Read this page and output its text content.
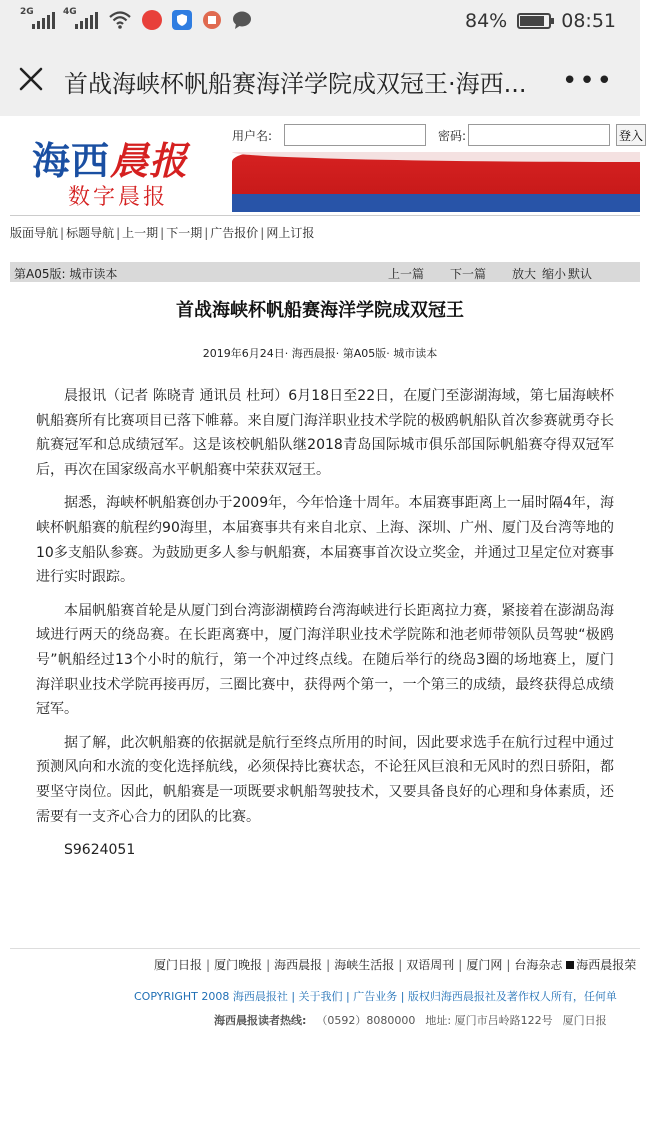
2G	4G	84%	08:51
首战海峡杯帆船赛海洋学院成双冠王·海西...	•••
海西晨报
数字晨报
用户名:	密码:	登入
版面导航 | 标题导航 | 上一期 | 下一期 | 广告报价 | 网上订报
第A05版: 城市读本	上一篇 下一篇 放大 缩小 默认
首战海峡杯帆船赛海洋学院成双冠王
2019年6月24日· 海西晨报· 第A05版· 城市读本

晨报讯（记者 陈晓青 通讯员 杜珂）6月18日至22日，在厦门至澎湖海域，第七届海峡杯帆船赛所有比赛项目已落下帷幕。来自厦门海洋职业技术学院的极鸥帆船队首次参赛就勇夺长航赛冠军和总成绩冠军。这是该校帆船队继2018青岛国际城市俱乐部国际帆船赛夺得双冠军后，再次在国家级高水平帆船赛中荣获双冠王。

据悉，海峡杯帆船赛创办于2009年，今年恰逢十周年。本届赛事距离上一届时隔4年，海峡杯帆船赛的航程约90海里，本届赛事共有来自北京、上海、深圳、广州、厦门及台湾等地的10多支船队参赛。为鼓励更多人参与帆船赛，本届赛事首次设立奖金，并通过卫星定位对赛事进行实时跟踪。

本届帆船赛首轮是从厦门到台湾澎湖横跨台湾海峡进行长距离拉力赛，紧接着在澎湖岛海域进行两天的绕岛赛。在长距离赛中，厦门海洋职业技术学院陈和池老师带领队员驾驶“极鸥号”帆船经过13个小时的航行，第一个冲过终点线。在随后举行的绕岛3圈的场地赛上，厦门海洋职业技术学院再接再厉，三圈比赛中，获得两个第一，一个第三的成绩，最终获得总成绩冠军。

据了解，此次帆船赛的依据就是航行至终点所用的时间，因此要求选手在航行过程中通过预测风向和水流的变化选择航线，必须保持比赛状态，不论狂风巨浪和无风时的烈日骄阳，都要坚守岗位。因此，帆船赛是一项既要求帆船驾驶技术，又要具备良好的心理和身体素质，还需要有一支齐心合力的团队的比赛。

S9624051

厦门日报 | 厦门晚报 | 海西晨报 | 海峡生活报 | 双语周刊 | 厦门网 | 台海杂志 海西晨报荣
COPYRIGHT 2008 海西晨报社 | 关于我们 | 广告业务 | 版权归海西晨报社及著作权人所有，任何单
海西晨报读者热线: （0592）8080000 地址: 厦门市吕岭路122号 厦门日报
